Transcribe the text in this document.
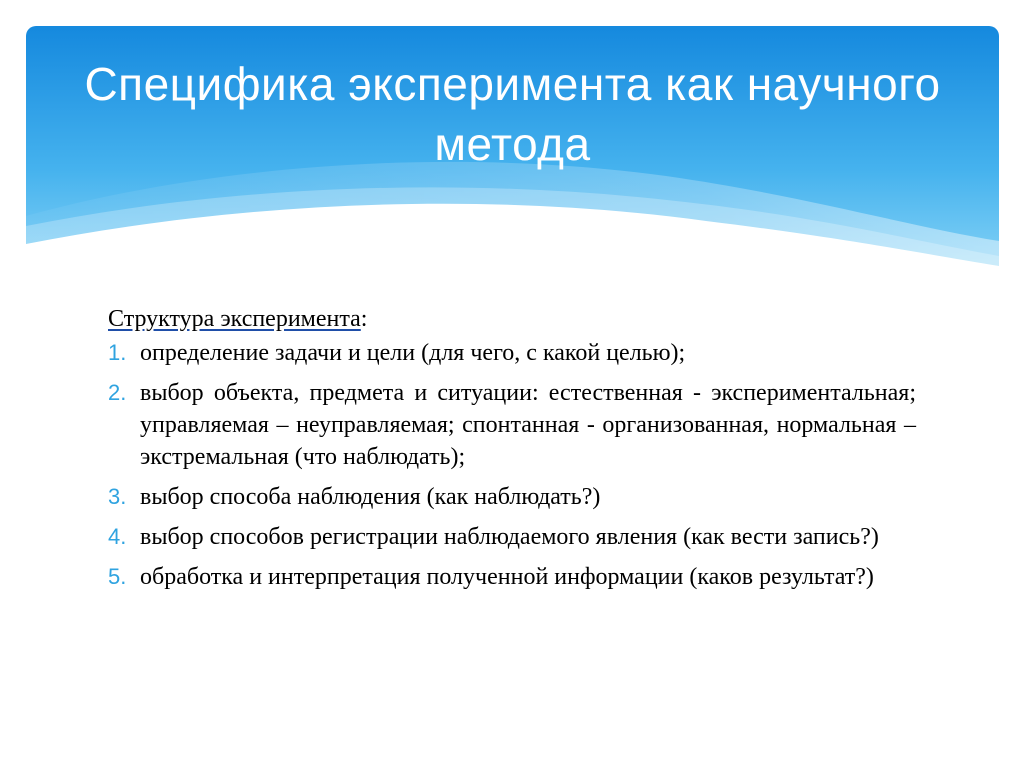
Специфика эксперимента как научного метода

Структура эксперимента:

1. определение задачи и цели (для чего, с какой целью);
2. выбор объекта, предмета и ситуации: естественная - экспериментальная; управляемая – неуправляемая; спонтанная - организованная, нормальная – экстремальная (что наблюдать);
3. выбор способа наблюдения (как наблюдать?)
4. выбор способов регистрации наблюдаемого явления (как вести запись?)
5. обработка и интерпретация полученной информации (каков результат?)
